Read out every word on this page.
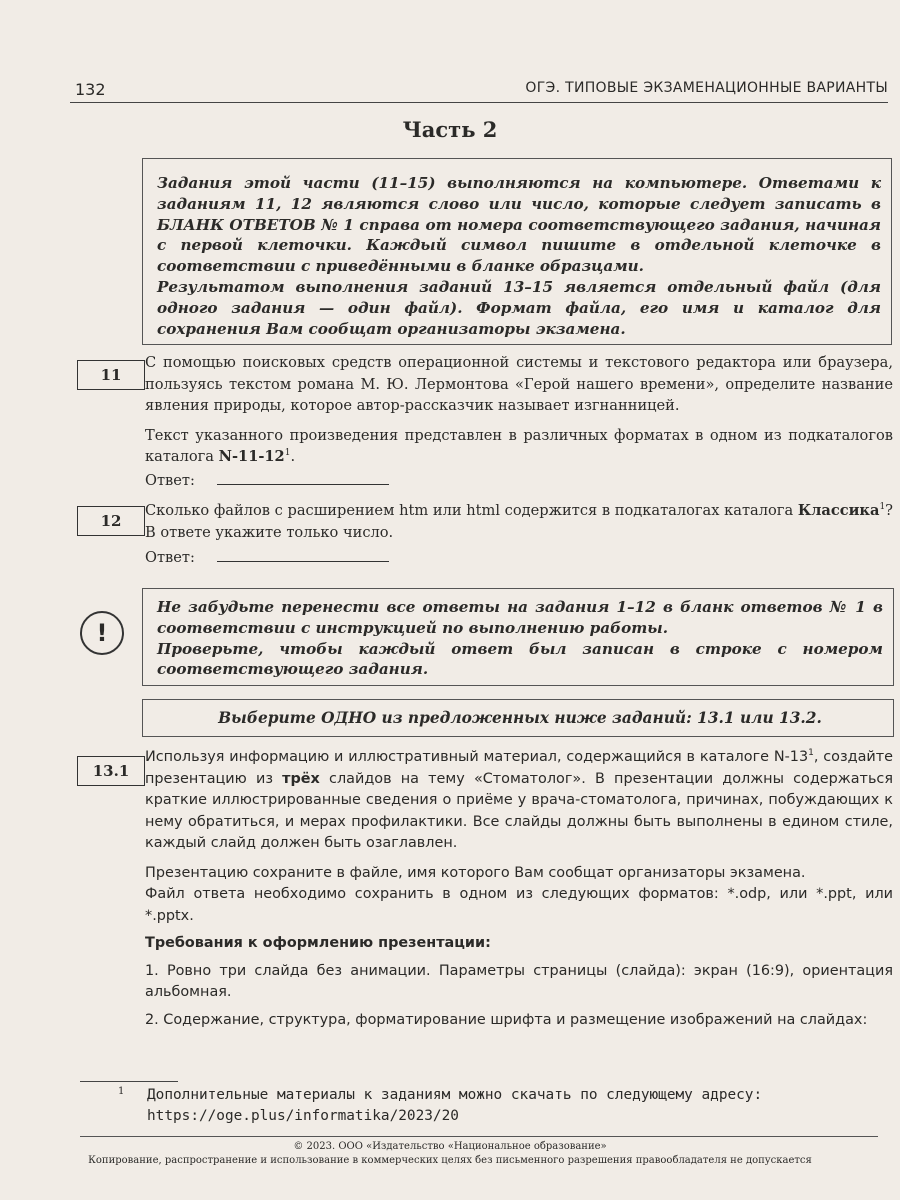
132	ОГЭ. ТИПОВЫЕ ЭКЗАМЕНАЦИОННЫЕ ВАРИАНТЫ
Часть 2

Задания этой части (11–15) выполняются на компьютере. Ответами к заданиям 11, 12 являются слово или число, которые следует записать в БЛАНК ОТВЕТОВ № 1 справа от номера соответствующего задания, начиная с первой клеточки. Каждый символ пишите в отдельной клеточке в соответствии с приведёнными в бланке образцами.

Результатом выполнения заданий 13–15 является отдельный файл (для одного задания — один файл). Формат файла, его имя и каталог для сохранения Вам сообщат организаторы экзамена.

11

С помощью поисковых средств операционной системы и текстового редактора или браузера, пользуясь текстом романа М. Ю. Лермонтова «Герой нашего времени», определите название явления природы, которое автор-рассказчик называет изгнанницей.

Текст указанного произведения представлен в различных форматах в одном из подкаталогов каталога $N-11-12^1$.

Ответ:
12

Сколько файлов с расширением htm или html содержится в подкаталогах каталога Классика$^1$? В ответе укажите только число.

Ответ:
!

Не забудьте перенести все ответы на задания 1–12 в бланк ответов № 1 в соответствии с инструкцией по выполнению работы.

Проверьте, чтобы каждый ответ был записан в строке с номером соответствующего задания.

Выберите ОДНО из предложенных ниже заданий: 13.1 или 13.2.
13.1

Используя информацию и иллюстративный материал, содержащийся в каталоге $N-13^1$, создайте презентацию из трёх слайдов на тему «Стоматолог». В презентации должны содержаться краткие иллюстрированные сведения о приёме у врача-стоматолога, причинах, побуждающих к нему обратиться, и мерах профилактики. Все слайды должны быть выполнены в едином стиле, каждый слайд должен быть озаглавлен.

Презентацию сохраните в файле, имя которого Вам сообщат организаторы экзамена.

Файл ответа необходимо сохранить в одном из следующих форматов: *.odp, или *.ppt, или *.pptx.

Требования к оформлению презентации:

1. Ровно три слайда без анимации. Параметры страницы (слайда): экран (16:9), ориентация альбомная.

2. Содержание, структура, форматирование шрифта и размещение изображений на слайдах:

1 Дополнительные материалы к заданиям можно скачать по следующему адресу:
https://oge.plus/informatika/2023/20
© 2023. ООО «Издательство «Национальное образование»
Копирование, распространение и использование в коммерческих целях без письменного разрешения правообладателя не допускается
